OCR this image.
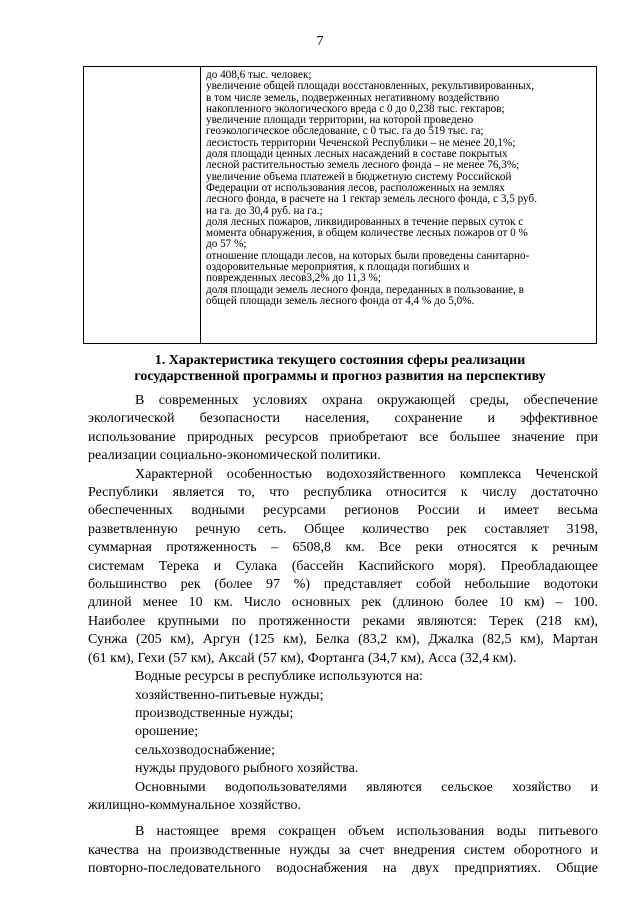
7
до 408,6 тыс. человек;
увеличение общей площади восстановленных, рекультивированных,
в том числе земель, подверженных негативному воздействию
накопленного экологического вреда с 0 до 0,238 тыс. гектаров;
увеличение площади территории, на которой проведено
геоэкологическое обследование, с 0 тыс. га до 519 тыс. га;
лесистость территории Чеченской Республики – не менее 20,1%;
доля площади ценных лесных насаждений в составе покрытых
лесной растительностью земель лесного фонда – не менее 76,3%;
увеличение объема платежей в бюджетную систему Российской
Федерации от использования лесов, расположенных на землях
лесного фонда, в расчете на 1 гектар земель лесного фонда, с 3,5 руб.
на га. до 30,4 руб. на га.;
доля лесных пожаров, ликвидированных в течение первых суток с
момента обнаружения, в общем количестве лесных пожаров от 0 %
до 57 %;
отношение площади лесов, на которых были проведены санитарно-
оздоровительные мероприятия, к площади погибших и
поврежденных лесов3,2% до 11,3 %;
доля площади земель лесного фонда, переданных в пользование, в
общей площади земель лесного фонда от 4,4 % до 5,0%.
1. Характеристика текущего состояния сферы реализации
государственной программы и прогноз развития на перспективу
В современных условиях охрана окружающей среды, обеспечение
экологической безопасности населения, сохранение и эффективное
использование природных ресурсов приобретают все большее значение при
реализации социально-экономической политики.
Характерной особенностью водохозяйственного комплекса Чеченской
Республики является то, что республика относится к числу достаточно
обеспеченных водными ресурсами регионов России и имеет весьма
разветвленную речную сеть. Общее количество рек составляет 3198,
суммарная протяженность – 6508,8 км. Все реки относятся к речным
системам Терека и Сулака (бассейн Каспийского моря). Преобладающее
большинство рек (более 97 %) представляет собой небольшие водотоки
длиной менее 10 км. Число основных рек (длиною более 10 км) – 100.
Наиболее крупными по протяженности реками являются: Терек (218 км),
Сунжа (205 км), Аргун (125 км), Белка (83,2 км), Джалка (82,5 км), Мартан
(61 км), Гехи (57 км), Аксай (57 км), Фортанга (34,7 км), Асса (32,4 км).
Водные ресурсы в республике используются на:
хозяйственно-питьевые нужды;
производственные нужды;
орошение;
сельхозводоснабжение;
нужды прудового рыбного хозяйства.
Основными водопользователями являются сельское хозяйство и
жилищно-коммунальное хозяйство.
В настоящее время сокращен объем использования воды питьевого
качества на производственные нужды за счет внедрения систем оборотного и
повторно-последовательного водоснабжения на двух предприятиях. Общие
